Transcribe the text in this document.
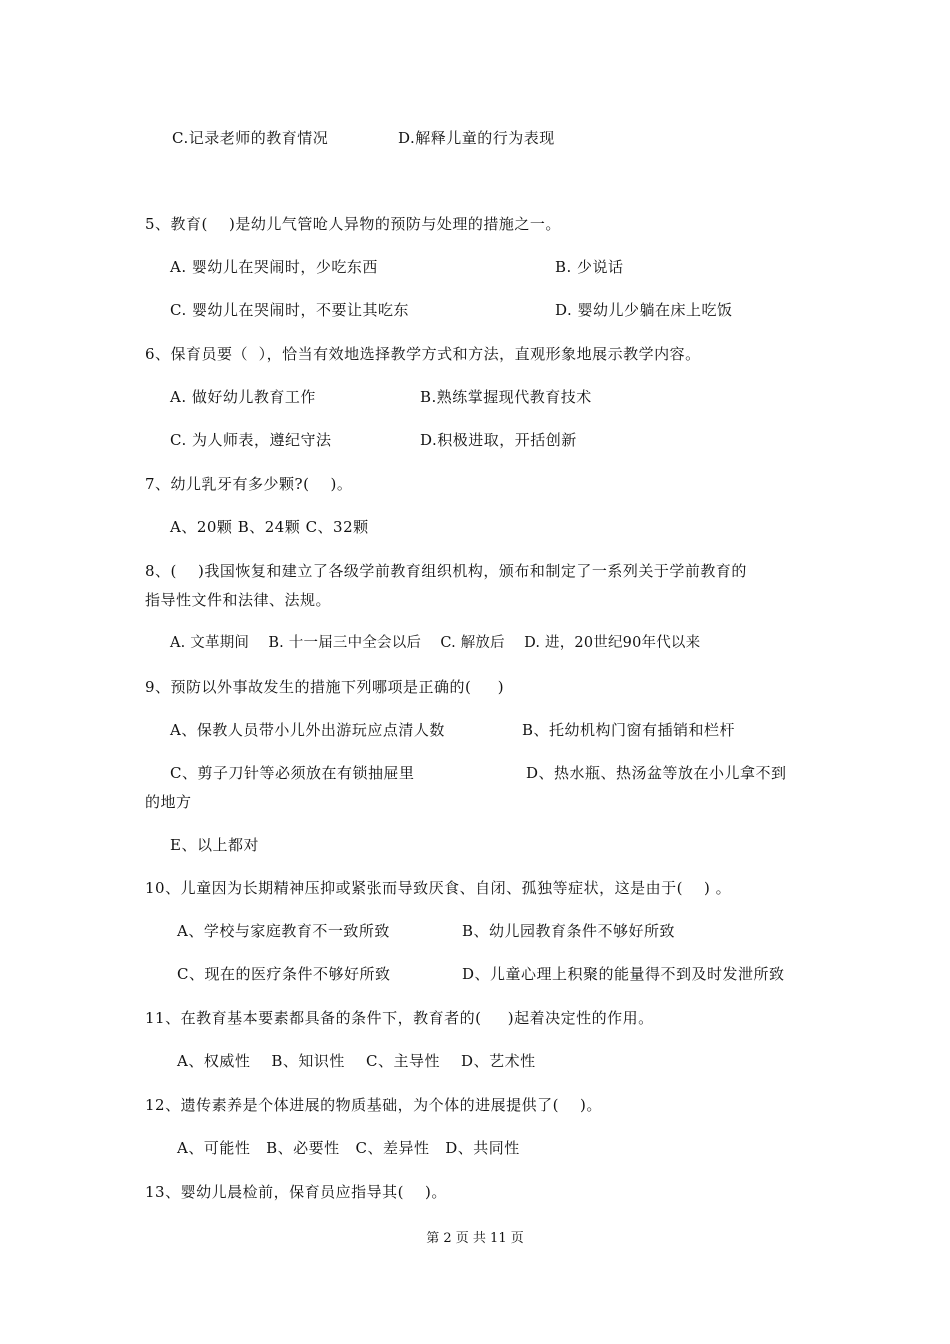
C.记录老师的教育情况	D.解释儿童的行为表现
5、教育(    )是幼儿气管呛人异物的预防与处理的措施之一。
A. 婴幼儿在哭闹时，少吃东西	B. 少说话
C. 婴幼儿在哭闹时，不要让其吃东	D. 婴幼儿少躺在床上吃饭
6、保育员要（  ），恰当有效地选择教学方式和方法，直观形象地展示教学内容。
A. 做好幼儿教育工作	B.熟练掌握现代教育技术
C. 为人师表，遵纪守法	D.积极进取，开括创新
7、幼儿乳牙有多少颗?(    )。
A、20颗 B、24颗 C、32颗
8、(    )我国恢复和建立了各级学前教育组织机构，颁布和制定了一系列关于学前教育的
指导性文件和法律、法规。
A. 文革期间    B. 十一届三中全会以后    C. 解放后    D. 进，20世纪90年代以来
9、预防以外事故发生的措施下列哪项是正确的(     )
A、保教人员带小儿外出游玩应点清人数	B、托幼机构门窗有插销和栏杆
C、剪子刀针等必须放在有锁抽屉里	D、热水瓶、热汤盆等放在小儿拿不到
的地方
E、以上都对
10、儿童因为长期精神压抑或紧张而导致厌食、自闭、孤独等症状，这是由于(    ) 。
A、学校与家庭教育不一致所致	B、幼儿园教育条件不够好所致
C、现在的医疗条件不够好所致	D、儿童心理上积聚的能量得不到及时发泄所致
11、在教育基本要素都具备的条件下，教育者的(     )起着决定性的作用。
A、权威性    B、知识性    C、主导性    D、艺术性
12、遗传素养是个体进展的物质基础，为个体的进展提供了(    )。
A、可能性   B、必要性   C、差异性   D、共同性
13、婴幼儿晨检前，保育员应指导其(    )。
第 2 页 共 11 页
